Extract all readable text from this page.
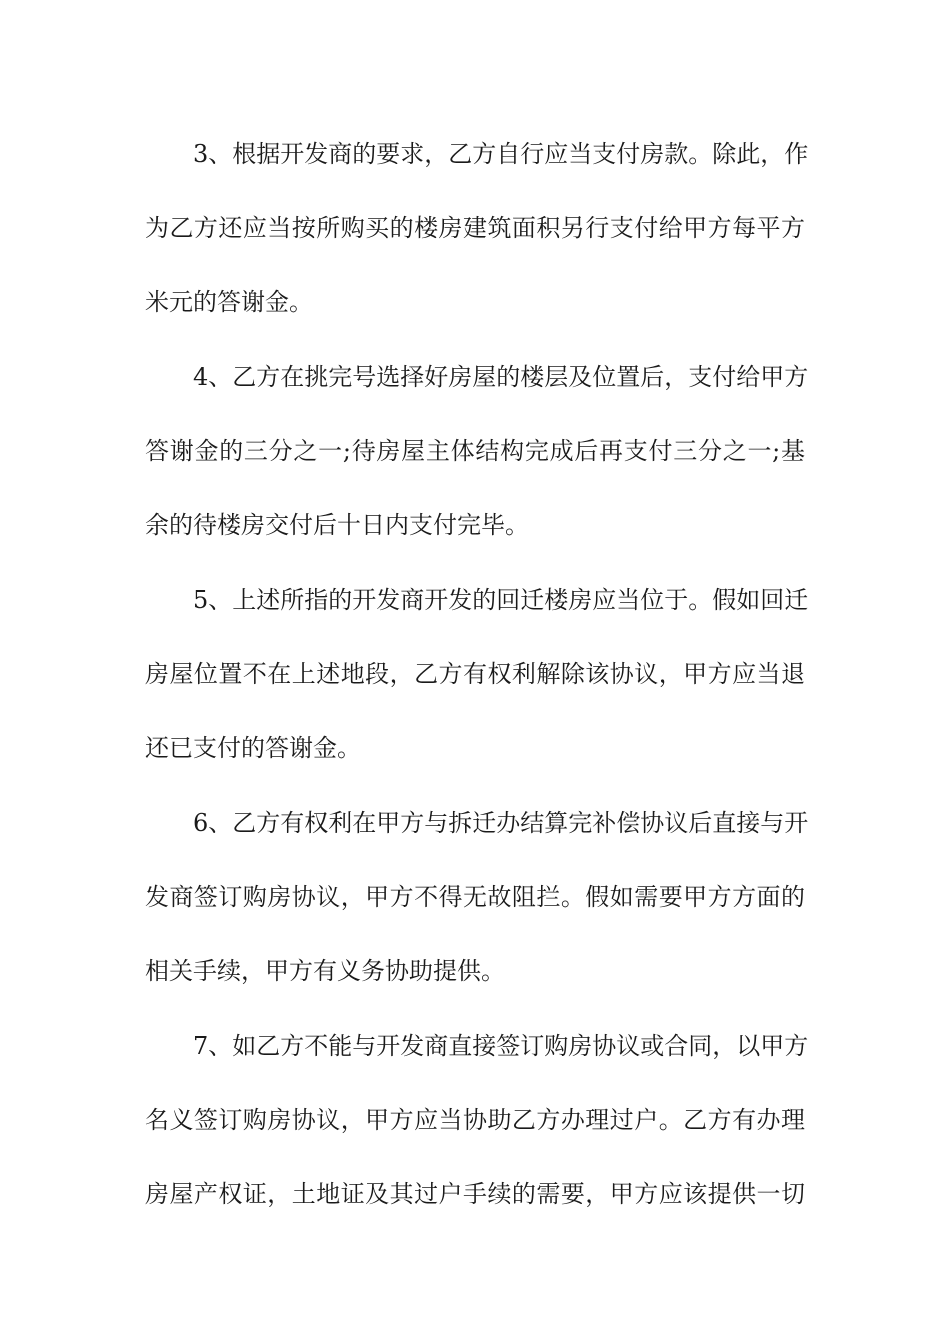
3、根据开发商的要求，乙方自行应当支付房款。除此，作
为乙方还应当按所购买的楼房建筑面积另行支付给甲方每平方
米元的答谢金。
4、乙方在挑完号选择好房屋的楼层及位置后，支付给甲方
答谢金的三分之一;待房屋主体结构完成后再支付三分之一;基
余的待楼房交付后十日内支付完毕。
5、上述所指的开发商开发的回迁楼房应当位于。假如回迁
房屋位置不在上述地段，乙方有权利解除该协议，甲方应当退
还已支付的答谢金。
6、乙方有权利在甲方与拆迁办结算完补偿协议后直接与开
发商签订购房协议，甲方不得无故阻拦。假如需要甲方方面的
相关手续，甲方有义务协助提供。
7、如乙方不能与开发商直接签订购房协议或合同，以甲方
名义签订购房协议，甲方应当协助乙方办理过户。乙方有办理
房屋产权证，土地证及其过户手续的需要，甲方应该提供一切
